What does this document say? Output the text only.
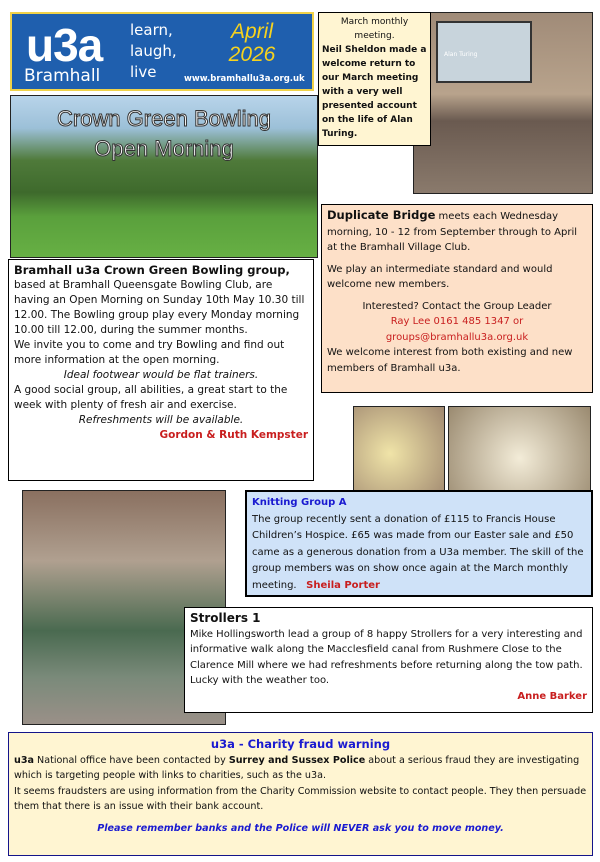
u3a
Bramhall
learn,
laugh,
live
April
2026
www.bramhallu3a.org.uk
March monthly meeting.
Neil Sheldon made a welcome return to our March meeting with a very well presented account on the life of Alan Turing.
Alan Turing
Crown Green Bowling
Open Morning
Bramhall u3a Crown Green Bowling group,
based at Bramhall Queensgate Bowling Club, are having an Open Morning on Sunday 10th May 10.30 till 12.00. The Bowling group play every Monday morning 10.00 till 12.00, during the summer months.
We invite you to come and try Bowling and find out more information at the open morning.
Ideal footwear would be flat trainers.
A good social group, all abilities, a great start to the week with plenty of fresh air and exercise.
Refreshments will be available.
Gordon & Ruth Kempster
Duplicate Bridge meets each Wednesday morning, 10 - 12 from September through to April at the Bramhall Village Club.
We play an intermediate standard and would welcome new members.
Interested? Contact the Group Leader
Ray Lee 0161 485 1347 or
groups@bramhallu3a.org.uk
We welcome interest from both existing and new members of Bramhall u3a.
Knitting Group A
The group recently sent a donation of £115 to Francis House Children’s Hospice. £65 was made from our Easter sale and £50 came as a generous donation from a U3a member. The skill of the group members was on show once again at the March monthly meeting. Sheila Porter
Strollers 1
Mike Hollingsworth lead a group of 8 happy Strollers for a very interesting and informative walk along the Macclesfield canal from Rushmere Close to the Clarence Mill where we had refreshments before returning along the tow path. Lucky with the weather too.
Anne Barker
u3a - Charity fraud warning
u3a National office have been contacted by Surrey and Sussex Police about a serious fraud they are investigating which is targeting people with links to charities, such as the u3a.
It seems fraudsters are using information from the Charity Commission website to contact people. They then persuade them that there is an issue with their bank account.
Please remember banks and the Police will NEVER ask you to move money.
